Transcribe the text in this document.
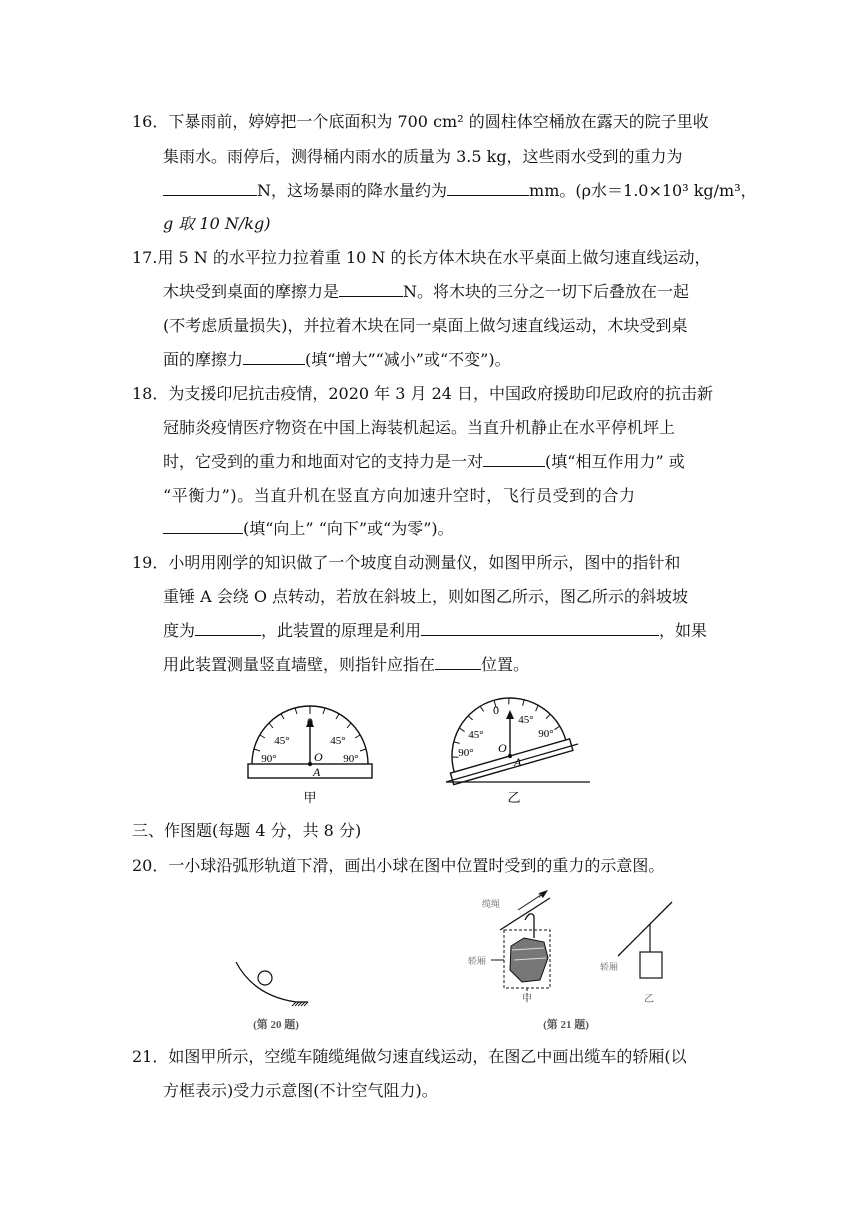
16．下暴雨前，婷婷把一个底面积为 700 cm² 的圆柱体空桶放在露天的院子里收
集雨水。雨停后，测得桶内雨水的质量为 3.5 kg，这些雨水受到的重力为
N，这场暴雨的降水量约为	mm。(ρ水＝1.0×10³ kg/m³，
g 取 10 N/kg)
17.用 5 N 的水平拉力拉着重 10 N 的长方体木块在水平桌面上做匀速直线运动，
木块受到桌面的摩擦力是	N。将木块的三分之一切下后叠放在一起
(不考虑质量损失)，并拉着木块在同一桌面上做匀速直线运动，木块受到桌
面的摩擦力	(填“增大”“减小”或“不变”)。
18．为支援印尼抗击疫情，2020 年 3 月 24 日，中国政府援助印尼政府的抗击新
冠肺炎疫情医疗物资在中国上海装机起运。当直升机静止在水平停机坪上
时，它受到的重力和地面对它的支持力是一对	(填“相互作用力” 或
“平衡力”)。当直升机在竖直方向加速升空时，飞行员受到的合力
(填“向上” “向下”或“为零”)。
19．小明用刚学的知识做了一个坡度自动测量仪，如图甲所示，图中的指针和
重锤 A 会绕 O 点转动，若放在斜坡上，则如图乙所示，图乙所示的斜坡坡
度为	，此装置的原理是利用	，如果
用此装置测量竖直墙壁，则指针应指在	位置。
0
45°	45°
90°	90°
O
A
甲
0
45°
45°
90°
90°
O
A
乙
三、作图题(每题 4 分，共 8 分)
20．一小球沿弧形轨道下滑，画出小球在图中位置时受到的重力的示意图。
(第 20 题)
v
缆绳
轿厢
甲
轿厢
乙
(第 21 题)
21．如图甲所示，空缆车随缆绳做匀速直线运动，在图乙中画出缆车的轿厢(以
方框表示)受力示意图(不计空气阻力)。
